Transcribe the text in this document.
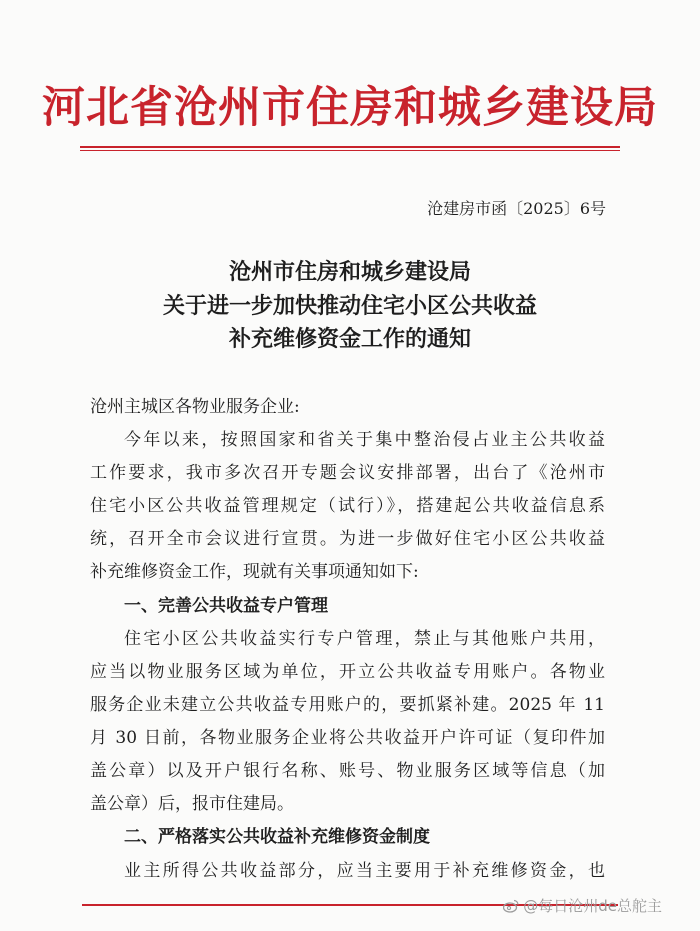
河北省沧州市住房和城乡建设局
沧建房市函〔2025〕6号
沧州市住房和城乡建设局
关于进一步加快推动住宅小区公共收益
补充维修资金工作的通知
沧州主城区各物业服务企业:
今年以来，按照国家和省关于集中整治侵占业主公共收益
工作要求，我市多次召开专题会议安排部署，出台了《沧州市
住宅小区公共收益管理规定（试行）》，搭建起公共收益信息系
统，召开全市会议进行宣贯。为进一步做好住宅小区公共收益
补充维修资金工作，现就有关事项通知如下:
一、完善公共收益专户管理
住宅小区公共收益实行专户管理，禁止与其他账户共用，
应当以物业服务区域为单位，开立公共收益专用账户。各物业
服务企业未建立公共收益专用账户的，要抓紧补建。2025 年 11
月 30 日前，各物业服务企业将公共收益开户许可证（复印件加
盖公章）以及开户银行名称、账号、物业服务区域等信息（加
盖公章）后，报市住建局。
二、严格落实公共收益补充维修资金制度
业主所得公共收益部分，应当主要用于补充维修资金，也
@每日沧州de总舵主
